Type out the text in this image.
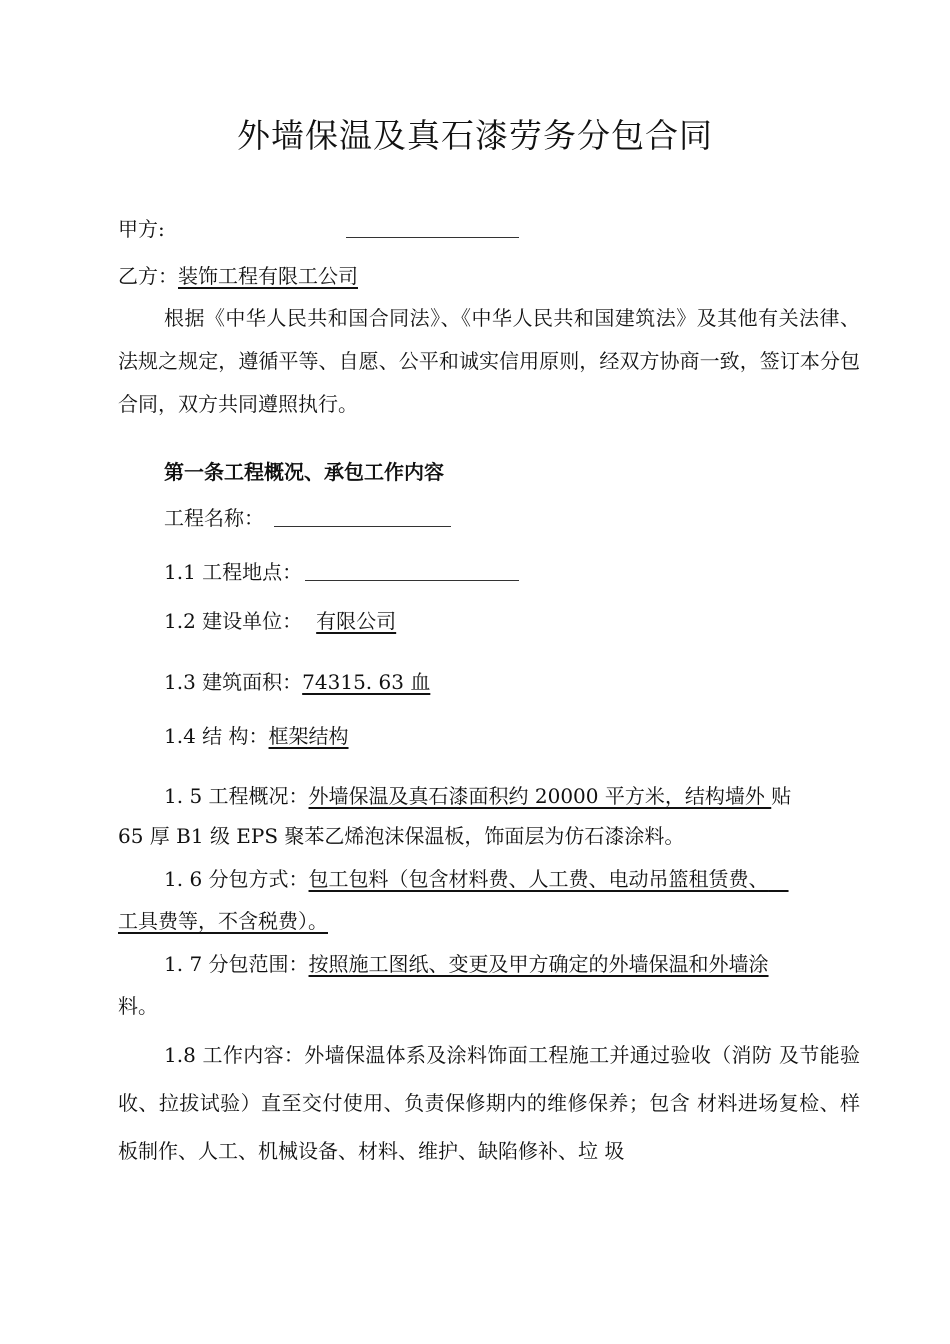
外墙保温及真石漆劳务分包合同
甲方:
乙方：装饰工程有限工公司
根据《中华人民共和国合同法》、《中华人民共和国建筑法》及其他有关法律、法规之规定，遵循平等、自愿、公平和诚实信用原则，经双方协商一致，签订本分包合同，双方共同遵照执行。
第一条工程概况、承包工作内容
工程名称：
1.1 工程地点：
1.2 建设单位： 有限公司
1.3 建筑面积：74315. 63 血
1.4 结 构：框架结构
1. 5 工程概况：外墙保温及真石漆面积约 20000 平方米，结构墙外 贴
65 厚 B1 级 EPS 聚苯乙烯泡沫保温板，饰面层为仿石漆涂料。
1. 6 分包方式：包工包料（包含材料费、人工费、电动吊篮租赁费、 
工具费等，不含税费）。
1. 7 分包范围：按照施工图纸、变更及甲方确定的外墙保温和外墙涂
料。
1.8 工作内容：外墙保温体系及涂料饰面工程施工并通过验收（消防 及节能验收、拉拔试验）直至交付使用、负责保修期内的维修保养；包含 材料进场复检、样板制作、人工、机械设备、材料、维护、缺陷修补、垃 圾
